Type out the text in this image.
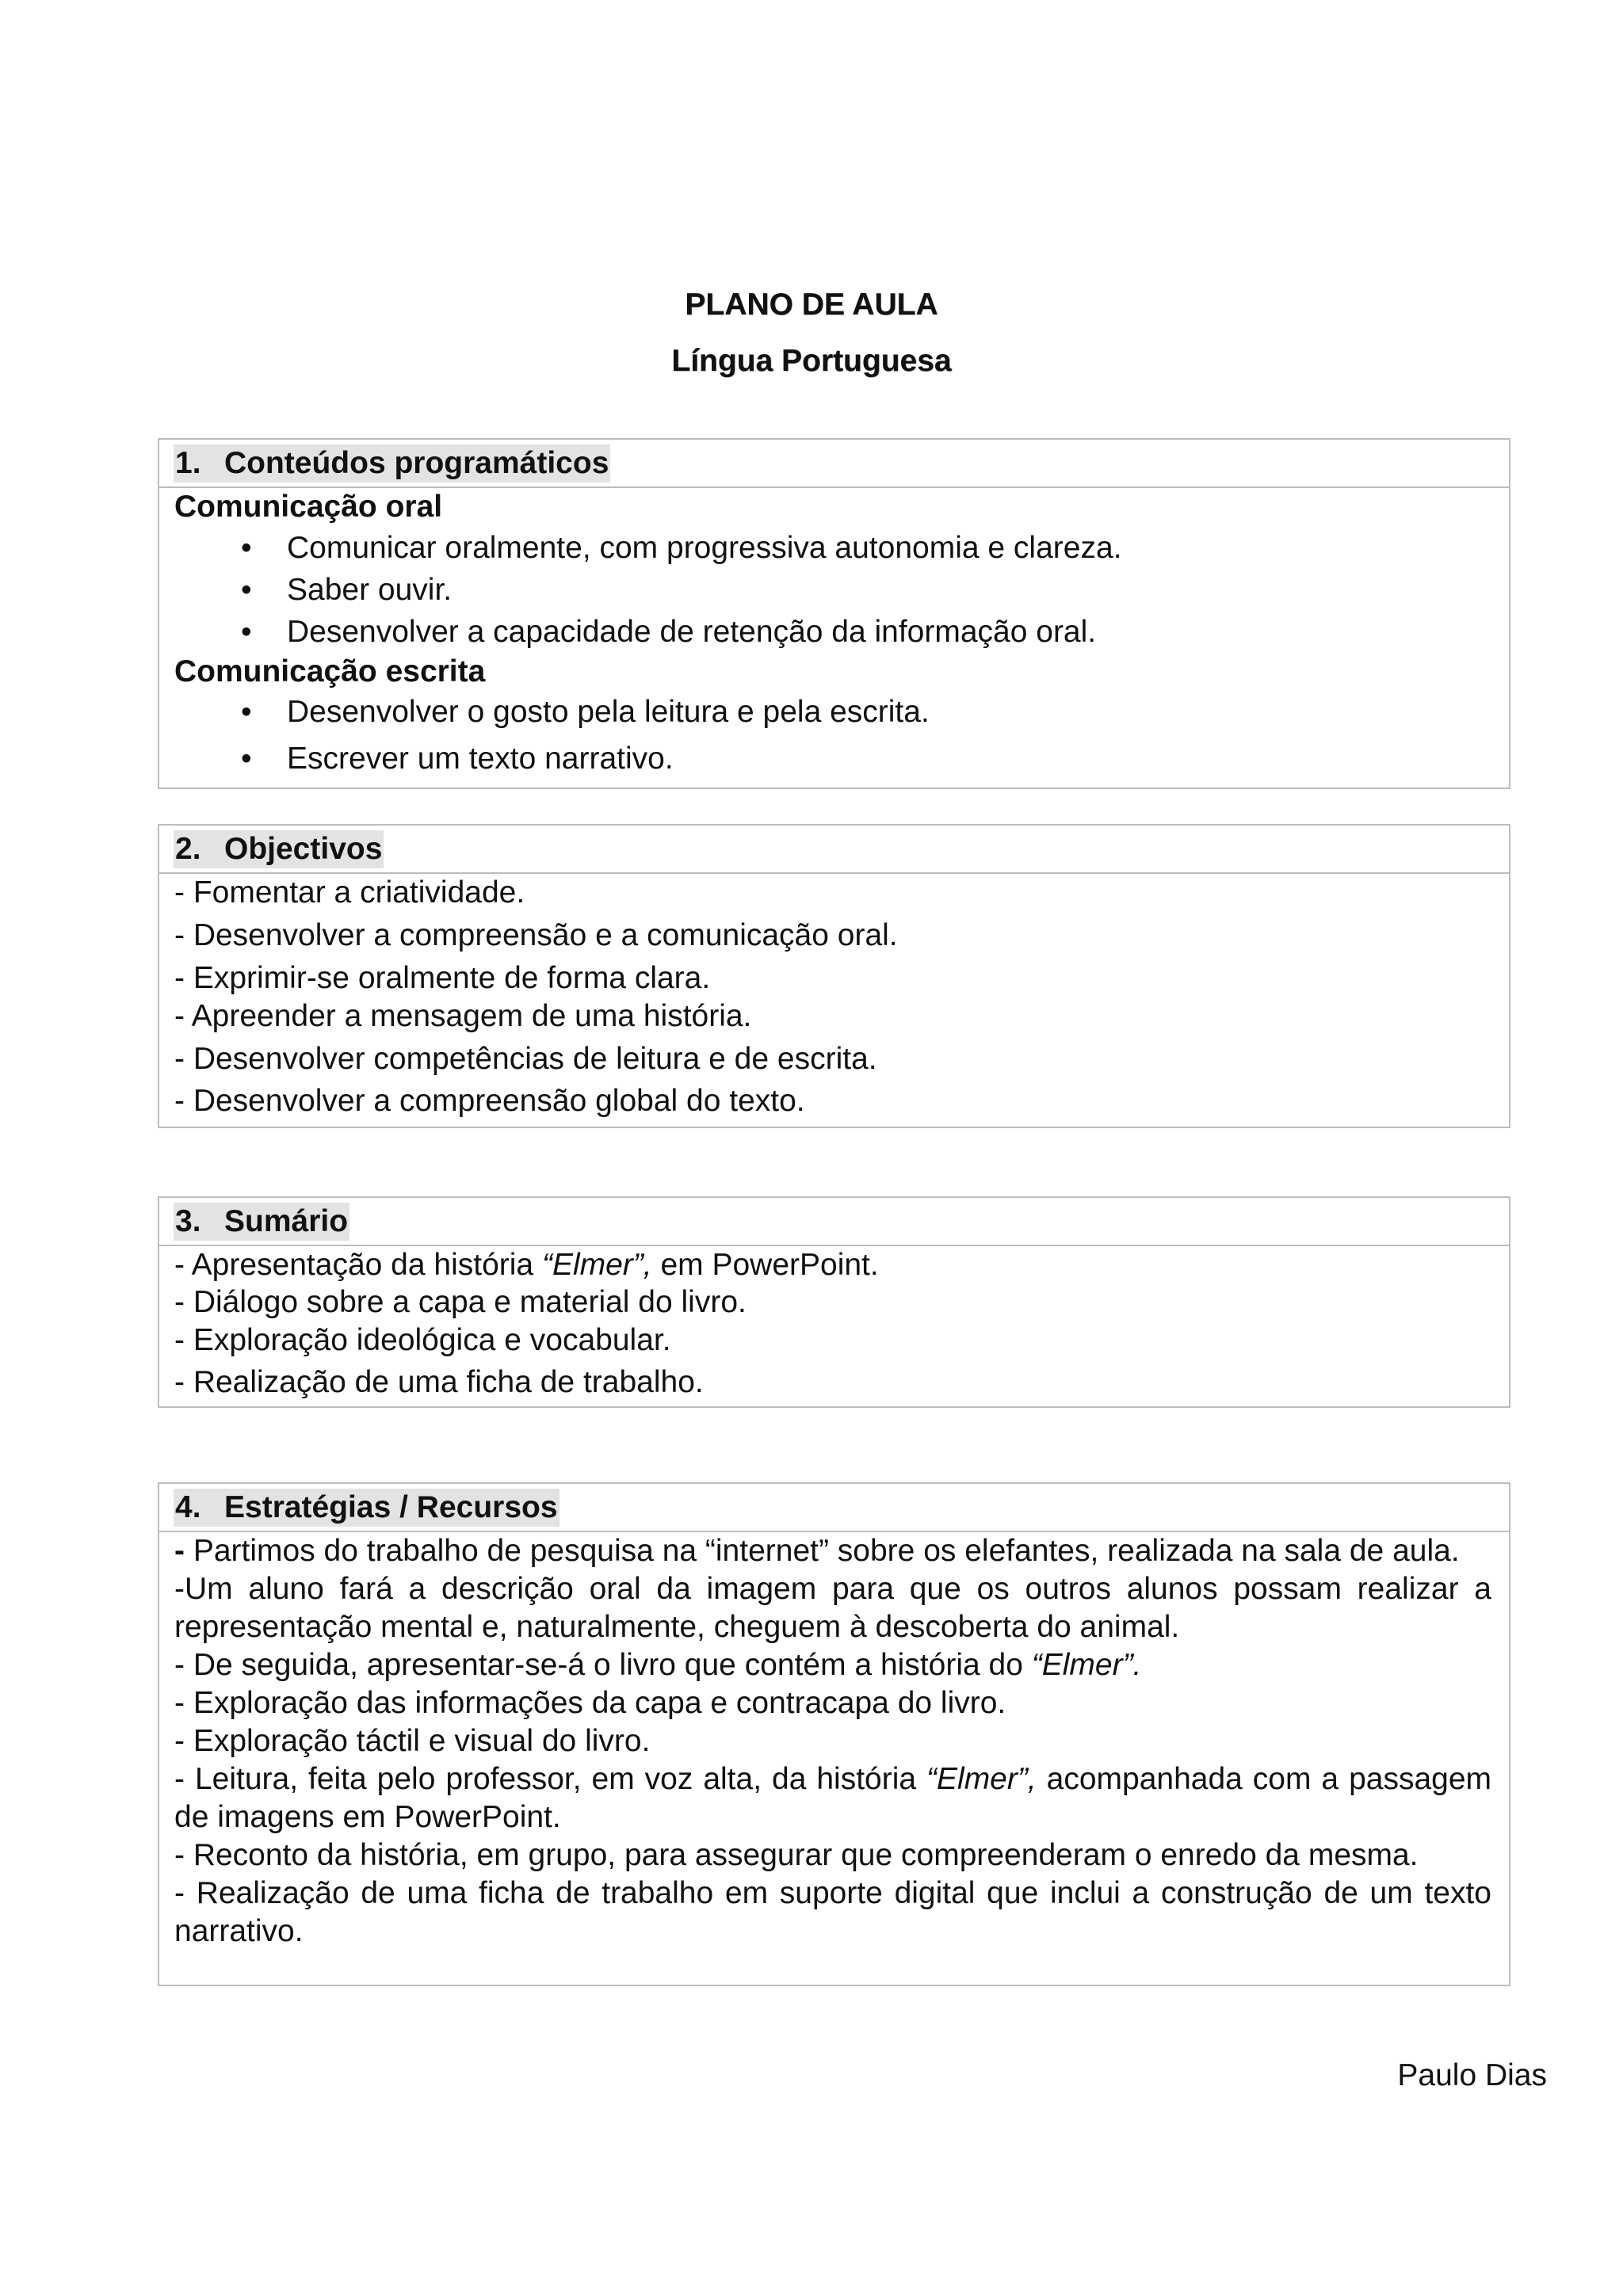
PLANO DE AULA
Língua Portuguesa
1. Conteúdos programáticos
Comunicação oral
• Comunicar oralmente, com progressiva autonomia e clareza.
• Saber ouvir.
• Desenvolver a capacidade de retenção da informação oral.
Comunicação escrita
• Desenvolver o gosto pela leitura e pela escrita.
• Escrever um texto narrativo.
2. Objectivos
- Fomentar a criatividade.
- Desenvolver a compreensão e a comunicação oral.
- Exprimir-se oralmente de forma clara.
- Apreender a mensagem de uma história.
- Desenvolver competências de leitura e de escrita.
- Desenvolver a compreensão global do texto.
3. Sumário
- Apresentação da história “Elmer”, em PowerPoint.
- Diálogo sobre a capa e material do livro.
- Exploração ideológica e vocabular.
- Realização de uma ficha de trabalho.
4. Estratégias / Recursos

- Partimos do trabalho de pesquisa na “internet” sobre os elefantes, realizada na sala de aula.

-Um aluno fará a descrição oral da imagem para que os outros alunos possam realizar a representação mental e, naturalmente, cheguem à descoberta do animal.

- De seguida, apresentar-se-á o livro que contém a história do “Elmer”.

- Exploração das informações da capa e contracapa do livro.

- Exploração táctil e visual do livro.

- Leitura, feita pelo professor, em voz alta, da história “Elmer”, acompanhada com a passagem de imagens em PowerPoint.

- Reconto da história, em grupo, para assegurar que compreenderam o enredo da mesma.

- Realização de uma ficha de trabalho em suporte digital que inclui a construção de um texto narrativo.

Paulo Dias
